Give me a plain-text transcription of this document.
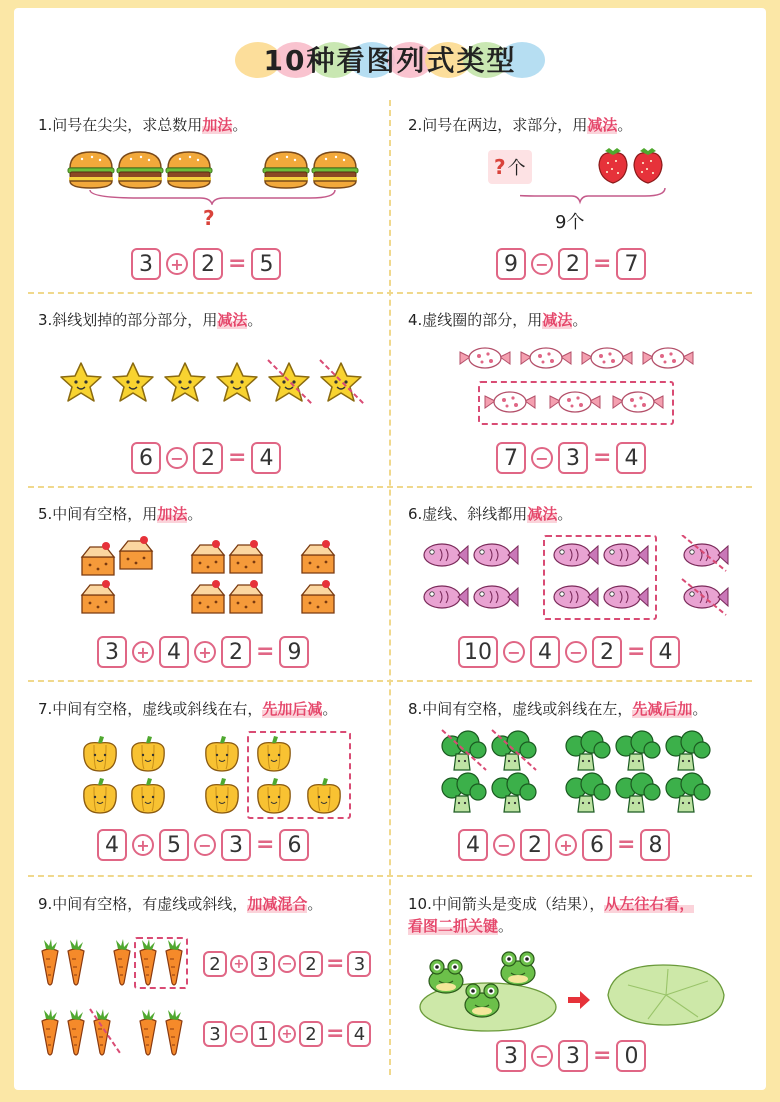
10种看图列式类型
1.问号在尖尖，求总数用加法。	2.问号在两边，求部分，用减法。
3.斜线划掉的部分部分，用减法。	4.虚线圈的部分，用减法。
5.中间有空格，用加法。	6.虚线、斜线都用减法。
7.中间有空格，虚线或斜线在右，先加后减。	8.中间有空格，虚线或斜线在左，先减后加。
9.中间有空格，有虚线或斜线，加减混合。	10.中间箭头是变成（结果），从左往右看，
看图二抓关键。
?
3	+ 2 = 5
? 个
9个
9	− 2 = 7
6	− 2 = 4	7	− 3 = 4
3	+ 4	+ 2 = 9	10 − 4	− 2 = 4
4	+ 5	− 3 = 6	4	− 2	+ 6 = 8
2 + 3 − 2 = 3
3 − 1 + 2 = 4
3	− 3 = 0
